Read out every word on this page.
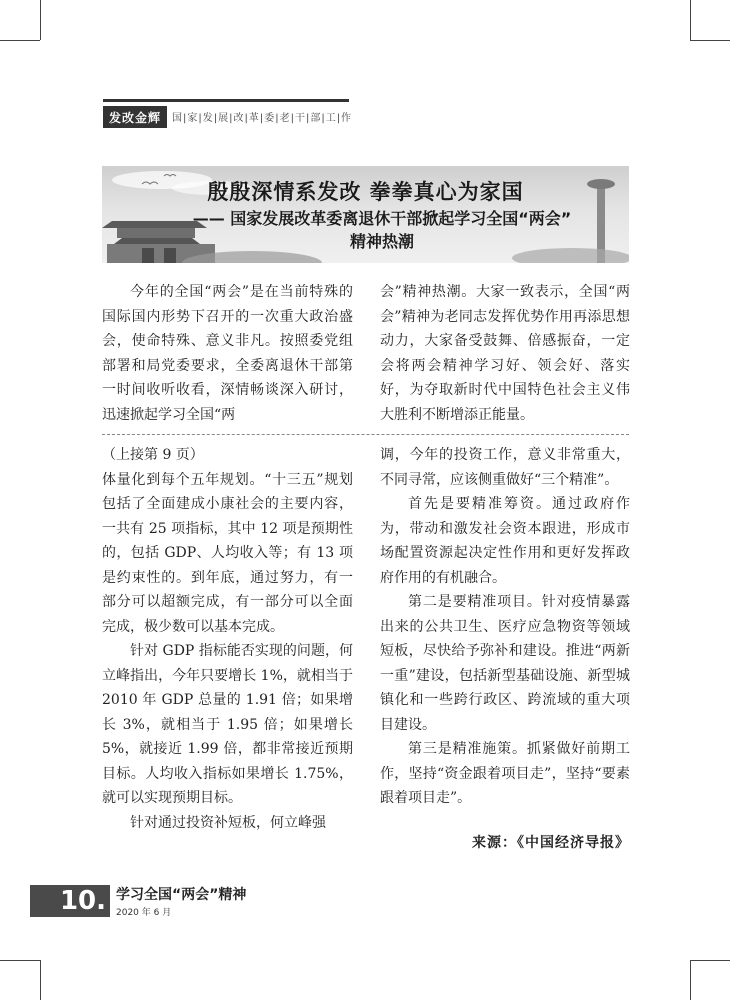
发改金辉	国|家|发|展|改|革|委|老|干|部|工|作
殷殷深情系发改 拳拳真心为家国
—— 国家发展改革委离退休干部掀起学习全国“两会”
精神热潮

今年的全国“两会”是在当前特殊的国际国内形势下召开的一次重大政治盛会，使命特殊、意义非凡。按照委党组部署和局党委要求，全委离退休干部第一时间收听收看，深情畅谈深入研讨，迅速掀起学习全国“两

会”精神热潮。大家一致表示，全国“两会”精神为老同志发挥优势作用再添思想动力，大家备受鼓舞、倍感振奋，一定会将两会精神学习好、领会好、落实好，为夺取新时代中国特色社会主义伟大胜利不断增添正能量。

（上接第 9 页）

体量化到每个五年规划。“十三五”规划包括了全面建成小康社会的主要内容，一共有 25 项指标，其中 12 项是预期性的，包括 GDP、人均收入等；有 13 项是约束性的。到年底，通过努力，有一部分可以超额完成，有一部分可以全面完成，极少数可以基本完成。

针对 GDP 指标能否实现的问题，何立峰指出，今年只要增长 1%，就相当于 2010 年 GDP 总量的 1.91 倍；如果增长 3%，就相当于 1.95 倍；如果增长 5%，就接近 1.99 倍，都非常接近预期目标。人均收入指标如果增长 1.75%，就可以实现预期目标。

针对通过投资补短板，何立峰强

调，今年的投资工作，意义非常重大，不同寻常，应该侧重做好“三个精准”。

首先是要精准筹资。通过政府作为，带动和激发社会资本跟进，形成市场配置资源起决定性作用和更好发挥政府作用的有机融合。

第二是要精准项目。针对疫情暴露出来的公共卫生、医疗应急物资等领域短板，尽快给予弥补和建设。推进“两新一重”建设，包括新型基础设施、新型城镇化和一些跨行政区、跨流域的重大项目建设。

第三是精准施策。抓紧做好前期工作，坚持“资金跟着项目走”，坚持“要素跟着项目走”。

来源：《中国经济导报》
10. 学习全国“两会”精神
2020 年 6 月
